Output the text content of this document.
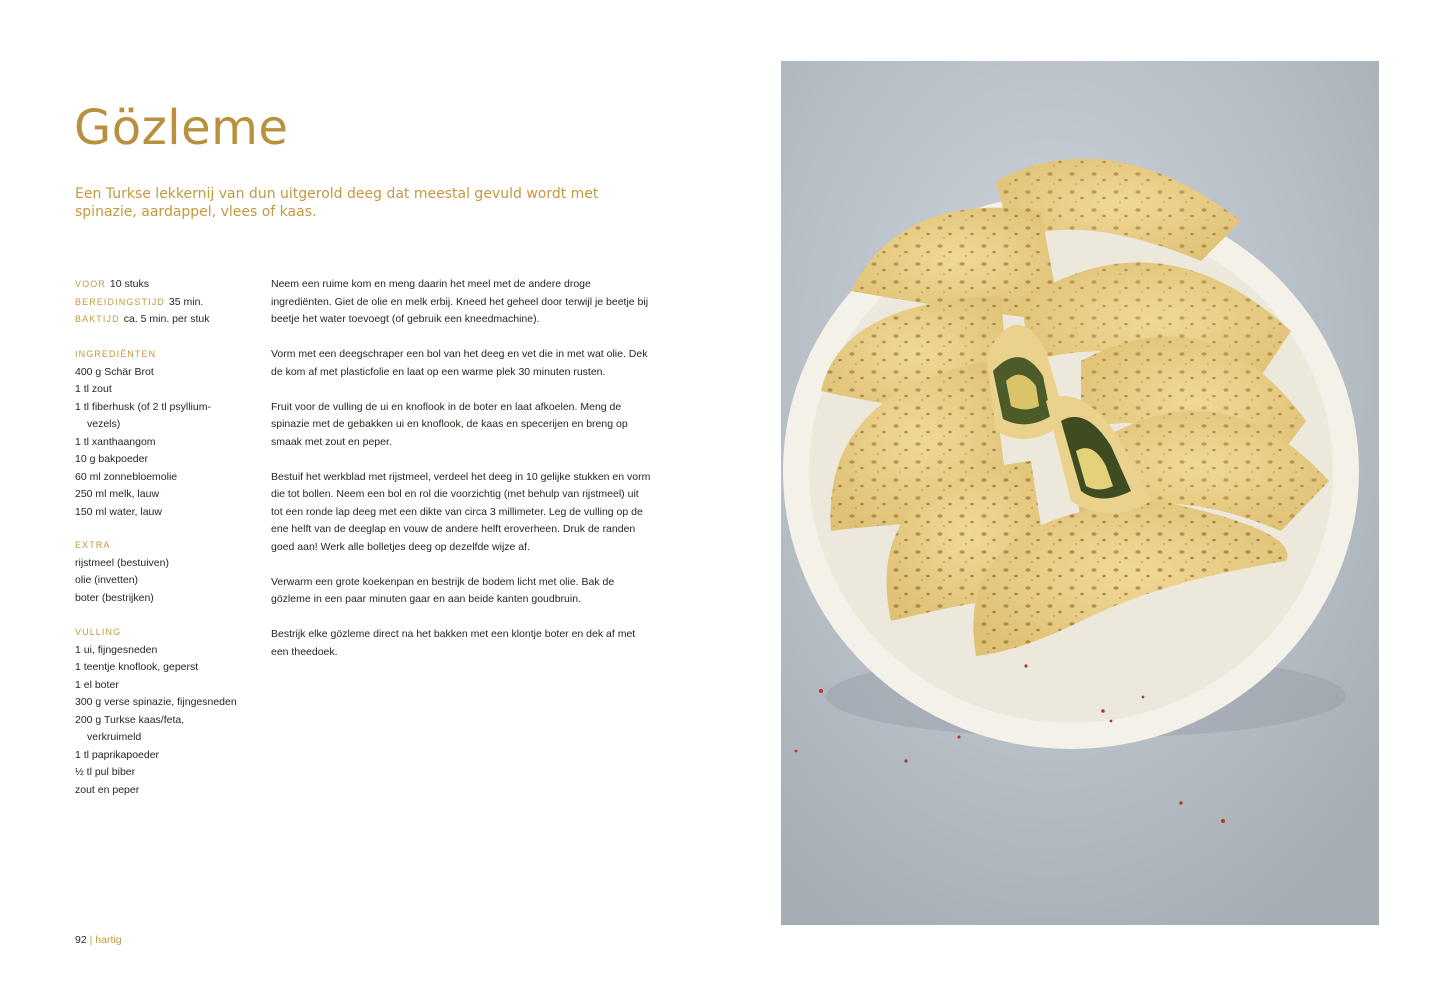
Gözleme
Een Turkse lekkernij van dun uitgerold deeg dat meestal gevuld wordt met spinazie, aardappel, vlees of kaas.
VOOR 10 stuks
BEREIDINGSTIJD 35 min.
BAKTIJD ca. 5 min. per stuk
INGREDIËNTEN
400 g Schär Brot
1 tl zout
1 tl fiberhusk (of 2 tl psyllium-
vezels)
1 tl xanthaangom
10 g bakpoeder
60 ml zonnebloemolie
250 ml melk, lauw
150 ml water, lauw
EXTRA
rijstmeel (bestuiven)
olie (invetten)
boter (bestrijken)
VULLING
1 ui, fijngesneden
1 teentje knoflook, geperst
1 el boter
300 g verse spinazie, fijngesneden
200 g Turkse kaas/feta,
verkruimeld
1 tl paprikapoeder
½ tl pul biber
zout en peper

Neem een ruime kom en meng daarin het meel met de andere droge ingrediënten. Giet de olie en melk erbij. Kneed het geheel door terwijl je beetje bij beetje het water toevoegt (of gebruik een kneedmachine).

Vorm met een deegschraper een bol van het deeg en vet die in met wat olie. Dek de kom af met plasticfolie en laat op een warme plek 30 minuten rusten.

Fruit voor de vulling de ui en knoflook in de boter en laat afkoelen. Meng de spinazie met de gebakken ui en knoflook, de kaas en specerijen en breng op smaak met zout en peper.

Bestuif het werkblad met rijstmeel, verdeel het deeg in 10 gelijke stukken en vorm die tot bollen. Neem een bol en rol die voorzichtig (met behulp van rijstmeel) uit tot een ronde lap deeg met een dikte van circa 3 millimeter. Leg de vulling op de ene helft van de deeglap en vouw de andere helft eroverheen. Druk de randen goed aan! Werk alle bolletjes deeg op dezelfde wijze af.

Verwarm een grote koekenpan en bestrijk de bodem licht met olie. Bak de gözleme in een paar minuten gaar en aan beide kanten goudbruin.

Bestrijk elke gözleme direct na het bakken met een klontje boter en dek af met een theedoek.

92 | hartig
